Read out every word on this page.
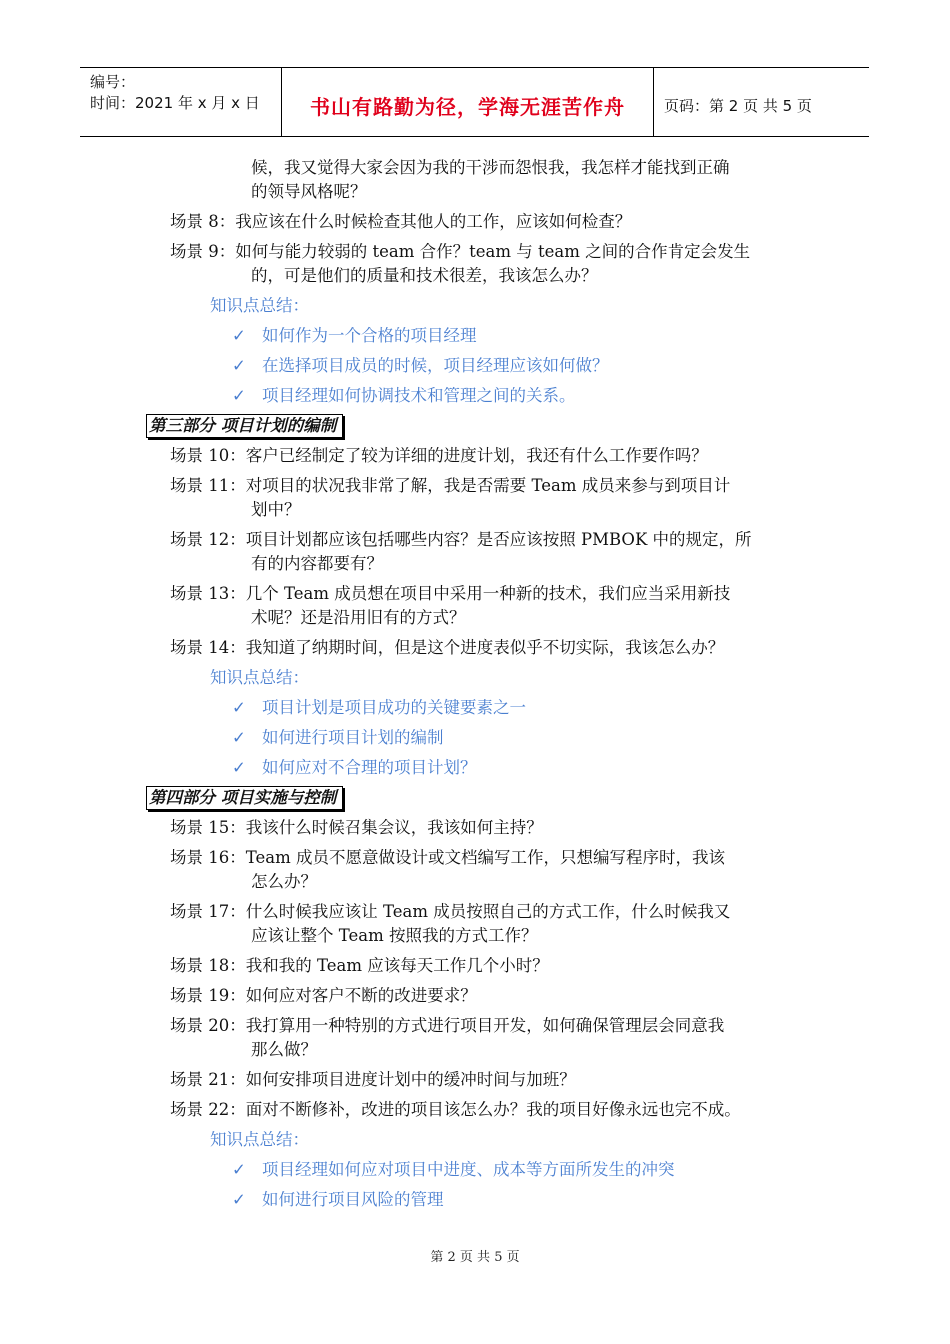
编号：
时间：2021 年 x 月 x 日	书山有路勤为径，学海无涯苦作舟	页码：第 2 页 共 5 页
候，我又觉得大家会因为我的干涉而怨恨我，我怎样才能找到正确
的领导风格呢？
场景 8：我应该在什么时候检查其他人的工作，应该如何检查？
场景 9：如何与能力较弱的 team 合作？team 与 team 之间的合作肯定会发生
的，可是他们的质量和技术很差，我该怎么办？
知识点总结：
✓ 如何作为一个合格的项目经理
✓ 在选择项目成员的时候，项目经理应该如何做？
✓ 项目经理如何协调技术和管理之间的关系。
第三部分 项目计划的编制
场景 10：客户已经制定了较为详细的进度计划，我还有什么工作要作吗？
场景 11：对项目的状况我非常了解，我是否需要 Team 成员来参与到项目计
划中？
场景 12：项目计划都应该包括哪些内容？是否应该按照 PMBOK 中的规定，所
有的内容都要有？
场景 13：几个 Team 成员想在项目中采用一种新的技术，我们应当采用新技
术呢？还是沿用旧有的方式？
场景 14：我知道了纳期时间，但是这个进度表似乎不切实际，我该怎么办？
知识点总结：
✓ 项目计划是项目成功的关键要素之一
✓ 如何进行项目计划的编制
✓ 如何应对不合理的项目计划？
第四部分 项目实施与控制
场景 15：我该什么时候召集会议，我该如何主持？
场景 16：Team 成员不愿意做设计或文档编写工作，只想编写程序时，我该
怎么办？
场景 17：什么时候我应该让 Team 成员按照自己的方式工作，什么时候我又
应该让整个 Team 按照我的方式工作？
场景 18：我和我的 Team 应该每天工作几个小时？
场景 19：如何应对客户不断的改进要求？
场景 20：我打算用一种特别的方式进行项目开发，如何确保管理层会同意我
那么做？
场景 21：如何安排项目进度计划中的缓冲时间与加班？
场景 22：面对不断修补，改进的项目该怎么办？我的项目好像永远也完不成。
知识点总结：
✓ 项目经理如何应对项目中进度、成本等方面所发生的冲突
✓ 如何进行项目风险的管理
第 2 页 共 5 页
